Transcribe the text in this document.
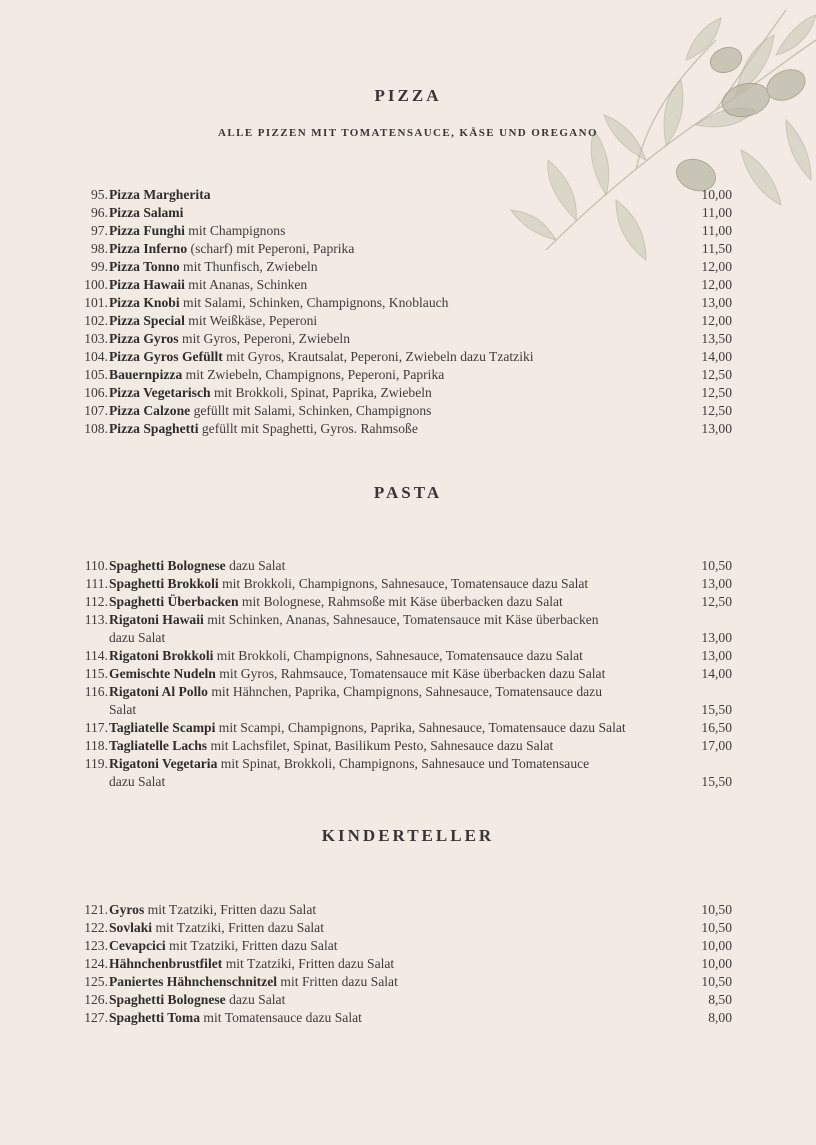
PIZZA
ALLE PIZZEN MIT TOMATENSAUCE, KÄSE UND OREGANO
95. Pizza Margherita	10,00
96. Pizza Salami	11,00
97. Pizza Funghi mit Champignons	11,00
98. Pizza Inferno (scharf) mit Peperoni, Paprika	11,50
99. Pizza Tonno mit Thunfisch, Zwiebeln	12,00
100. Pizza Hawaii mit Ananas, Schinken	12,00
101. Pizza Knobi mit Salami, Schinken, Champignons, Knoblauch	13,00
102. Pizza Special mit Weißkäse, Peperoni	12,00
103. Pizza Gyros mit Gyros, Peperoni, Zwiebeln	13,50
104. Pizza Gyros Gefüllt mit Gyros, Krautsalat, Peperoni, Zwiebeln dazu Tzatziki	14,00
105. Bauernpizza mit Zwiebeln, Champignons, Peperoni, Paprika	12,50
106. Pizza Vegetarisch mit Brokkoli, Spinat, Paprika, Zwiebeln	12,50
107. Pizza Calzone gefüllt mit Salami, Schinken, Champignons	12,50
108. Pizza Spaghetti gefüllt mit Spaghetti, Gyros. Rahmsoße	13,00
PASTA
110. Spaghetti Bolognese dazu Salat	10,50
111. Spaghetti Brokkoli mit Brokkoli, Champignons, Sahnesauce, Tomatensauce dazu Salat	13,00
112. Spaghetti Überbacken mit Bolognese, Rahmsoße mit Käse überbacken dazu Salat	12,50
113. Rigatoni Hawaii mit Schinken, Ananas, Sahnesauce, Tomatensauce mit Käse überbacken
dazu Salat	13,00
114. Rigatoni Brokkoli mit Brokkoli, Champignons, Sahnesauce, Tomatensauce dazu Salat	13,00
115. Gemischte Nudeln mit Gyros, Rahmsauce, Tomatensauce mit Käse überbacken dazu Salat	14,00
116. Rigatoni Al Pollo mit Hähnchen, Paprika, Champignons, Sahnesauce, Tomatensauce dazu
Salat	15,50
117. Tagliatelle Scampi mit Scampi, Champignons, Paprika, Sahnesauce, Tomatensauce dazu Salat	16,50
118. Tagliatelle Lachs mit Lachsfilet, Spinat, Basilikum Pesto, Sahnesauce dazu Salat	17,00
119. Rigatoni Vegetaria mit Spinat, Brokkoli, Champignons, Sahnesauce und Tomatensauce
dazu Salat	15,50
KINDERTELLER
121. Gyros mit Tzatziki, Fritten dazu Salat	10,50
122. Sovlaki mit Tzatziki, Fritten dazu Salat	10,50
123. Cevapcici mit Tzatziki, Fritten dazu Salat	10,00
124. Hähnchenbrustfilet mit Tzatziki, Fritten dazu Salat	10,00
125. Paniertes Hähnchenschnitzel mit Fritten dazu Salat	10,50
126. Spaghetti Bolognese dazu Salat	8,50
127. Spaghetti Toma mit Tomatensauce dazu Salat	8,00
